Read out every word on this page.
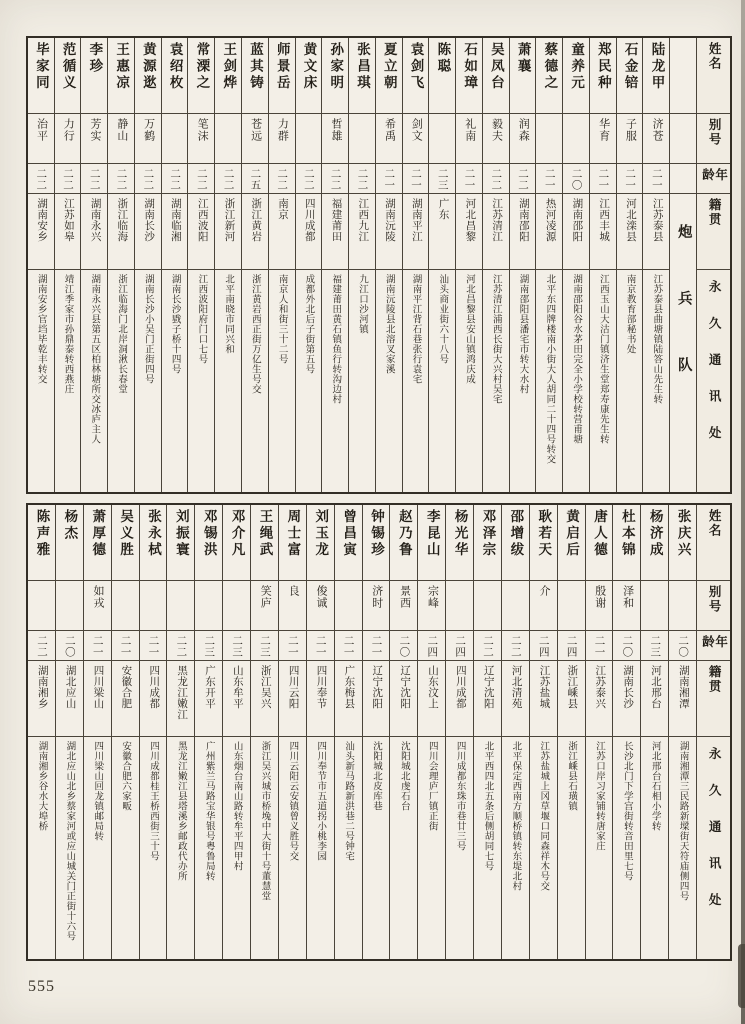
姓名
别号
年龄
籍贯
永久通讯处
炮兵队
陆龙甲
济苍
二一
江苏泰县
江苏泰县曲塘镇陆答山先生转
石金锫
子服
二一
河北滦县
南京教育部秘书处
郑民种
华育
二一
江西丰城
江西玉山大沽门镇济生堂郑寿康先生转
童养元
二〇
湖南邵阳
湖南邵阳谷水茅田完全小学校转营甫塘
蔡德之
二一
热河凌源
北平东四牌楼南小街大人胡同二十四号转交
萧襄
润森
二二
湖南邵阳
湖南邵阳县潘宅市转大水村
吴凤台
毅夫
二二
江苏清江
江苏清江浦西长街大兴村吴宅
石如璋
礼南
二一
河北昌黎
河北昌黎县安山镇鸿庆成
陈聪
二三
广东
汕头商业街六十八号
袁剑飞
剑文
二一
湖南平江
湖南平江背石巷张行袁宅
夏立朝
希禹
二一
湖南沅陵
湖南沅陵县北溶叉家溪
张昌琪
二二
江西九江
九江口沙河镇
孙家明
哲雄
二二
福建莆田
福建莆田黄石镇鱼行转沟边村
黄文床
二二
四川成都
成都外北后子街第五号
师景岳
力群
二二
南京
南京人和街三十二号
蓝其铸
苍远
二五
浙江黄岩
浙江黄岩西正街万亿生号交
王剑烨
二二
浙江新河
北平南晓市同兴和
常溧之
笔沫
二二
江西波阳
江西波阳府门口七号
袁绍枚
二二
湖南临湘
湖南长沙戥子桥十四号
黄源逖
万鹤
二二
湖南长沙
湖南长沙小吴门正街四号
王惠凉
静山
二二
浙江临海
浙江临海门北岸洞湫长春堂
李珍
芳实
二二
湖南永兴
湖南永兴县第五区柏林塘所交冰庐主人
范循义
力行
二二
江苏如皋
靖江季家市孙鼎泰转西燕庄
毕家同
治平
二二
湖南安乡
湖南安乡官垱毕乾丰转交
姓名
别号
年龄
籍贯
永久通讯处
张庆兴
二〇
湖南湘潭
湖南湘潭三民路新墚街天符庙侧四号
杨济成
二三
河北邢台
河北邢台石相小学转
杜本锦
泽和
二〇
湖南长沙
长沙北门下学宫街转音田里七号
唐人德
殷谢
二一
江苏泰兴
江苏口岸习家铺转唐家庄
黄启后
二四
浙江嵊县
浙江嵊县石璜镇
耿若天
介
二四
江苏盐城
江苏盐城上冈草堰口同森祥木号交
邵增绂
二二
河北清苑
北平保定西南方顺桥镇转东堤北村
邓泽宗
二二
辽宁沈阳
北平西四北五条后侧胡同七号
杨光华
二四
四川成都
四川成都东珠市巷廿三号
李昆山
宗峰
二四
山东汶上
四川会理庐厂镇正街
赵乃鲁
景西
二〇
辽宁沈阳
沈阳城北虔石台
钟锡珍
济时
二一
辽宁沈阳
沈阳城北皮库巷
曾昌寅
二一
广东梅县
汕头新马路新洪巷二号钟宅
刘玉龙
俊诚
二一
四川奉节
四川奉节市五道拐小桃李园
周士富
良
二一
四川云阳
四川云阳云安镇曾义胜号交
王绳武
笑庐
二三
浙江吴兴
浙江吴兴城市桥堍中大街十号董慧堂
邓介凡
二三
山东牟平
山东烟台南山路转牟平四甲村
邓锡洪
二三
广东开平
广州紫兰马路宝华银号粤鲁局转
刘振寰
二二
黑龙江嫩江
黑龙江嫩江县塔溪乡邮政代办所
张永栻
二一
四川成都
四川成都桂王桥西街三十号
吴义胜
二一
安徽合肥
安徽合肥六家畈
萧厚德
如戎
二一
四川梁山
四川梁山回龙镇邮局转
杨杰
二〇
湖北应山
湖北应山北乡蔡家河或应山城关门正街十六号
陈声雅
二二
湖南湘乡
湖南湘乡谷水大埠桥
555
